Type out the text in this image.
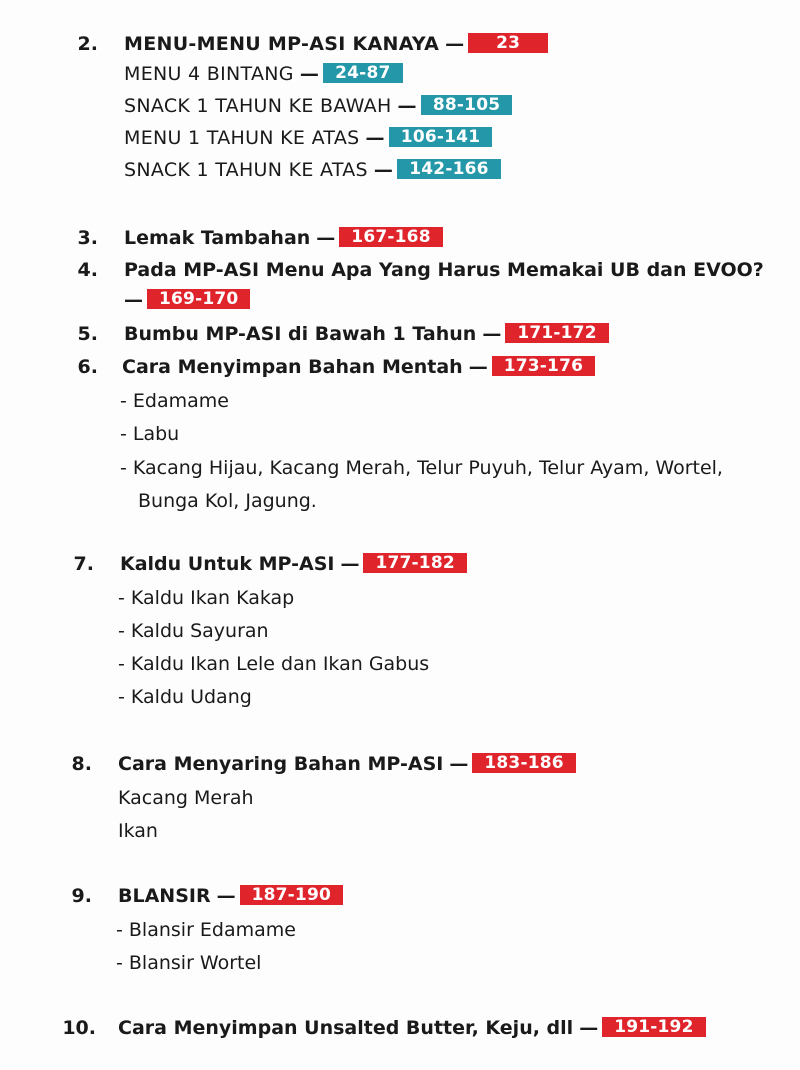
2. MENU-MENU MP-ASI KANAYA — 23
MENU 4 BINTANG — 24-87
SNACK 1 TAHUN KE BAWAH — 88-105
MENU 1 TAHUN KE ATAS — 106-141
SNACK 1 TAHUN KE ATAS — 142-166
3. Lemak Tambahan — 167-168
4. Pada MP-ASI Menu Apa Yang Harus Memakai UB dan EVOO?
— 169-170
5. Bumbu MP-ASI di Bawah 1 Tahun — 171-172
6. Cara Menyimpan Bahan Mentah — 173-176
- Edamame
- Labu
- Kacang Hijau, Kacang Merah, Telur Puyuh, Telur Ayam, Wortel,
Bunga Kol, Jagung.
7. Kaldu Untuk MP-ASI — 177-182
- Kaldu Ikan Kakap
- Kaldu Sayuran
- Kaldu Ikan Lele dan Ikan Gabus
- Kaldu Udang
8. Cara Menyaring Bahan MP-ASI — 183-186
Kacang Merah
Ikan
9. BLANSIR — 187-190
- Blansir Edamame
- Blansir Wortel
10. Cara Menyimpan Unsalted Butter, Keju, dll — 191-192
